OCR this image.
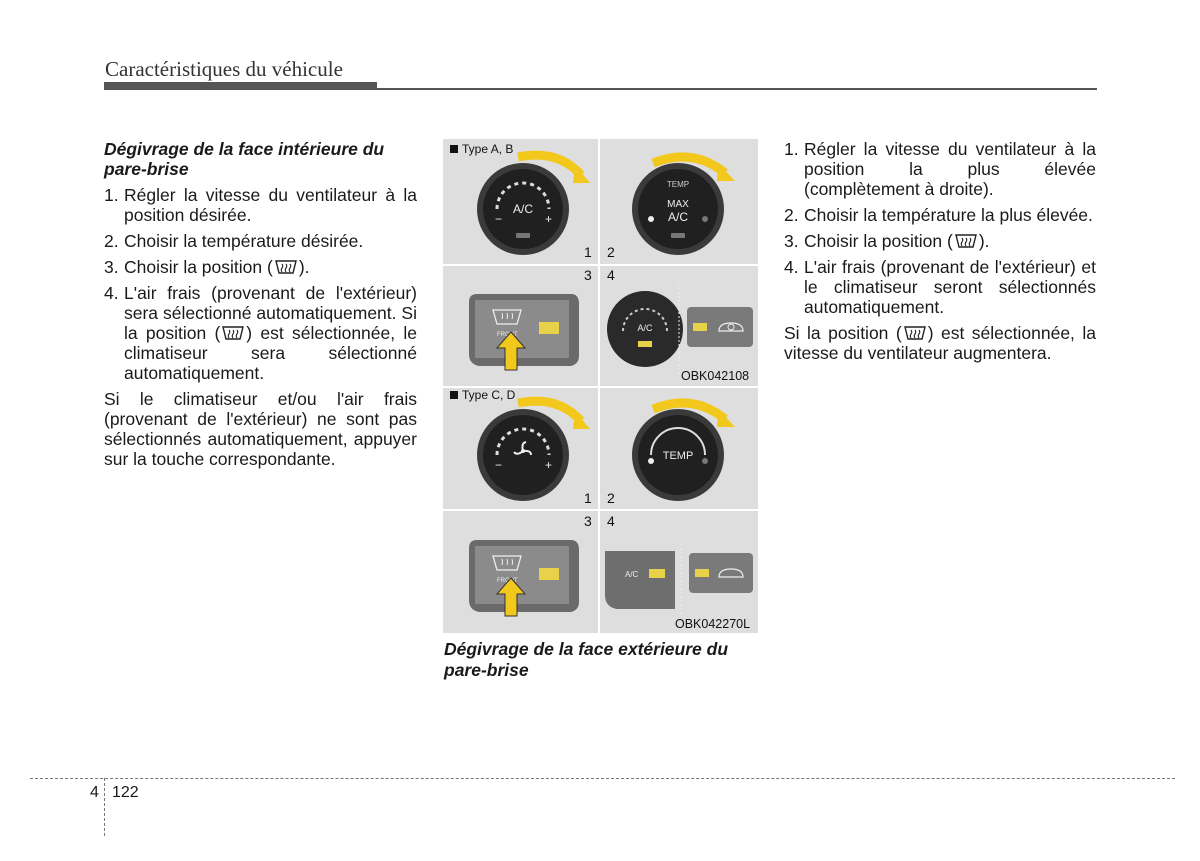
Caractéristiques du véhicule
Dégivrage de la face intérieure du pare-brise
1. Régler la vitesse du ventilateur à la position désirée.
2. Choisir la température désirée.
3. Choisir la position ( ).
4. L'air frais (provenant de l'extérieur) sera sélectionné automatiquement. Si la position ( ) est sélectionnée, le climatiseur sera sélectionné automatiquement.
Si le climatiseur et/ou l'air frais (provenant de l'extérieur) ne sont pas sélectionnés automatiquement, appuyer sur la touche correspondante.
Type A, B
Type C, D
1 2
3 4
1 2
3 4
A/C
−	+
TEMP
MAX
A/C
FRONT
A/C
OBK042108
−	+
TEMP
FRONT
A/C
OBK042270L
Dégivrage de la face extérieure du pare-brise
1. Régler la vitesse du ventilateur à la position la plus élevée (complètement à droite).
2. Choisir la température la plus élevée.
3. Choisir la position ( ).
4. L'air frais (provenant de l'extérieur) et le climatiseur seront sélectionnés automatiquement.
Si la position ( ) est sélectionnée, la vitesse du ventilateur augmentera.
4 122
